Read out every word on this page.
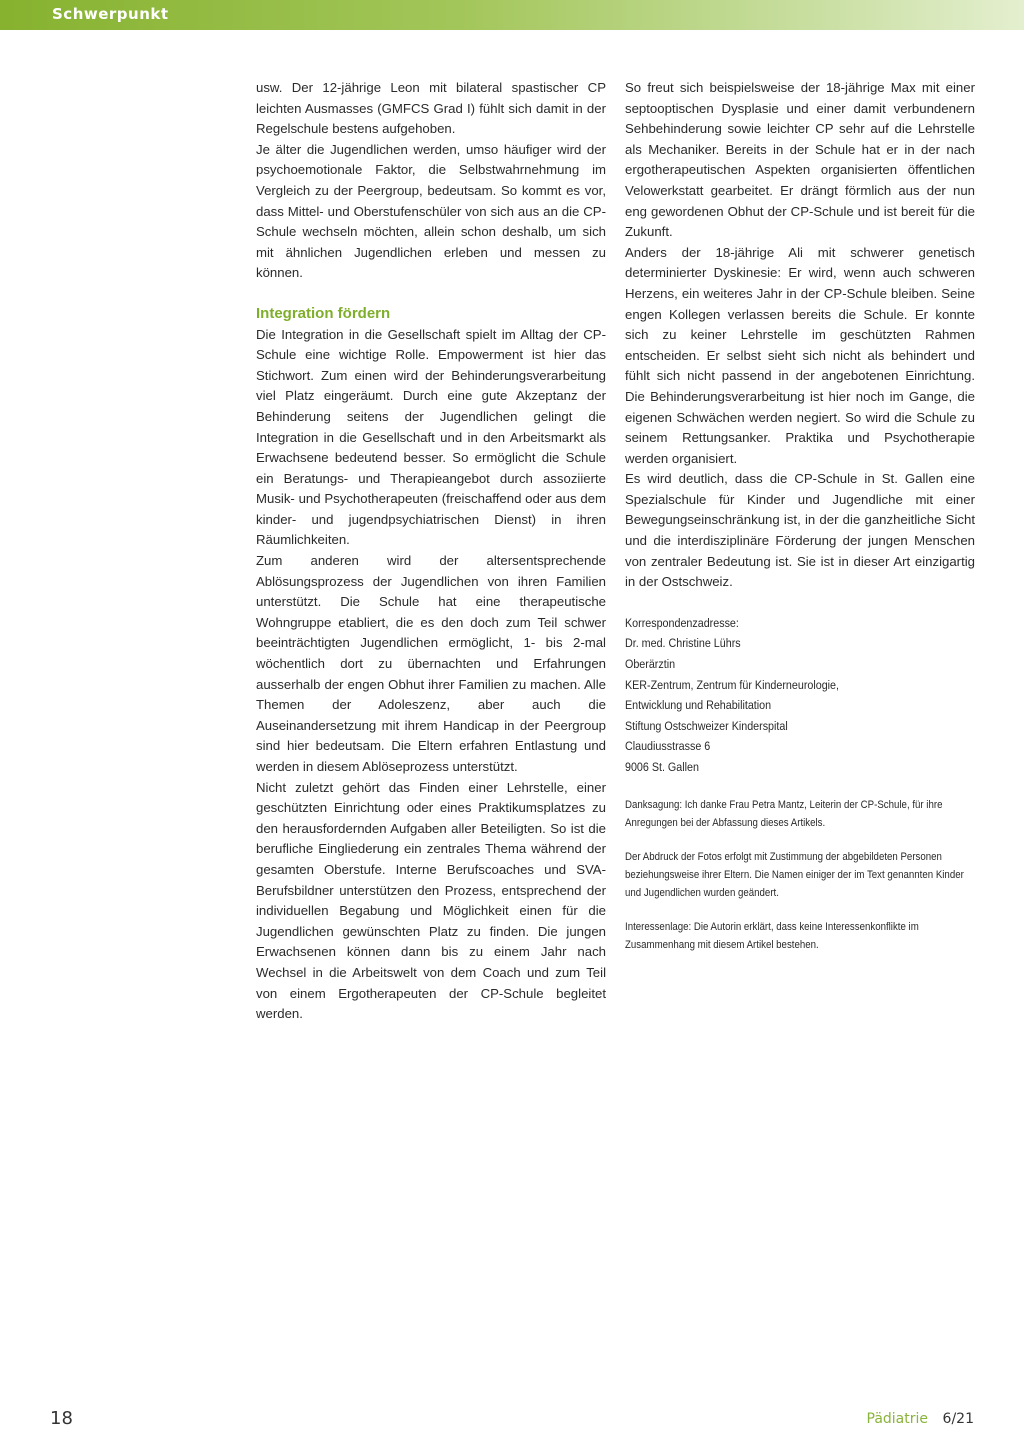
Schwerpunkt

usw. Der 12-jährige Leon mit bilateral spastischer CP leichten Ausmasses (GMFCS Grad I) fühlt sich damit in der Regelschule bestens aufgehoben.

Je älter die Jugendlichen werden, umso häufiger wird der psychoemotionale Faktor, die Selbstwahrnehmung im Vergleich zu der Peergroup, bedeutsam. So kommt es vor, dass Mittel- und Oberstufenschüler von sich aus an die CP-Schule wechseln möchten, allein schon deshalb, um sich mit ähnlichen Jugendlichen erleben und messen zu können.

Integration fördern

Die Integration in die Gesellschaft spielt im Alltag der CP-Schule eine wichtige Rolle. Empowerment ist hier das Stichwort. Zum einen wird der Behinderungsverarbeitung viel Platz eingeräumt. Durch eine gute Akzeptanz der Behinderung seitens der Jugendlichen gelingt die Integration in die Gesellschaft und in den Arbeitsmarkt als Erwachsene bedeutend besser. So ermöglicht die Schule ein Beratungs- und Therapieangebot durch assoziierte Musik- und Psychotherapeuten (freischaffend oder aus dem kinder- und jugendpsychiatrischen Dienst) in ihren Räumlichkeiten.

Zum anderen wird der altersentsprechende Ablösungsprozess der Jugendlichen von ihren Familien unterstützt. Die Schule hat eine therapeutische Wohngruppe etabliert, die es den doch zum Teil schwer beeinträchtigten Jugendlichen ermöglicht, 1- bis 2-mal wöchentlich dort zu übernachten und Erfahrungen ausserhalb der engen Obhut ihrer Familien zu machen. Alle Themen der Adoleszenz, aber auch die Auseinandersetzung mit ihrem Handicap in der Peergroup sind hier bedeutsam. Die Eltern erfahren Entlastung und werden in diesem Ablöseprozess unterstützt.

Nicht zuletzt gehört das Finden einer Lehrstelle, einer geschützten Einrichtung oder eines Praktikumsplatzes zu den herausfordernden Aufgaben aller Beteiligten. So ist die berufliche Eingliederung ein zentrales Thema während der gesamten Oberstufe. Interne Berufscoaches und SVA-Berufsbildner unterstützen den Prozess, entsprechend der individuellen Begabung und Möglichkeit einen für die Jugendlichen gewünschten Platz zu finden. Die jungen Erwachsenen können dann bis zu einem Jahr nach Wechsel in die Arbeitswelt von dem Coach und zum Teil von einem Ergotherapeuten der CP-Schule begleitet werden.

So freut sich beispielsweise der 18-jährige Max mit einer septooptischen Dysplasie und einer damit verbundenern Sehbehinderung sowie leichter CP sehr auf die Lehrstelle als Mechaniker. Bereits in der Schule hat er in der nach ergotherapeutischen Aspekten organisierten öffentlichen Velowerkstatt gearbeitet. Er drängt förmlich aus der nun eng gewordenen Obhut der CP-Schule und ist bereit für die Zukunft.

Anders der 18-jährige Ali mit schwerer genetisch determinierter Dyskinesie: Er wird, wenn auch schweren Herzens, ein weiteres Jahr in der CP-Schule bleiben. Seine engen Kollegen verlassen bereits die Schule. Er konnte sich zu keiner Lehrstelle im geschützten Rahmen entscheiden. Er selbst sieht sich nicht als behindert und fühlt sich nicht passend in der angebotenen Einrichtung. Die Behinderungsverarbeitung ist hier noch im Gange, die eigenen Schwächen werden negiert. So wird die Schule zu seinem Rettungsanker. Praktika und Psychotherapie werden organisiert.

Es wird deutlich, dass die CP-Schule in St. Gallen eine Spezialschule für Kinder und Jugendliche mit einer Bewegungseinschränkung ist, in der die ganzheitliche Sicht und die interdisziplinäre Förderung der jungen Menschen von zentraler Bedeutung ist. Sie ist in dieser Art einzigartig in der Ostschweiz.

Korrespondenzadresse:

Dr. med. Christine Lührs

Oberärztin

KER-Zentrum, Zentrum für Kinderneurologie,

Entwicklung und Rehabilitation

Stiftung Ostschweizer Kinderspital

Claudiusstrasse 6

9006 St. Gallen

Danksagung: Ich danke Frau Petra Mantz, Leiterin der CP-Schule, für ihre Anregungen bei der Abfassung dieses Artikels.

Der Abdruck der Fotos erfolgt mit Zustimmung der abgebildeten Personen beziehungsweise ihrer Eltern. Die Namen einiger der im Text genannten Kinder und Jugendlichen wurden geändert.

Interessenlage: Die Autorin erklärt, dass keine Interessenkonflikte im Zusammenhang mit diesem Artikel bestehen.

18	Pädiatrie 6/21
